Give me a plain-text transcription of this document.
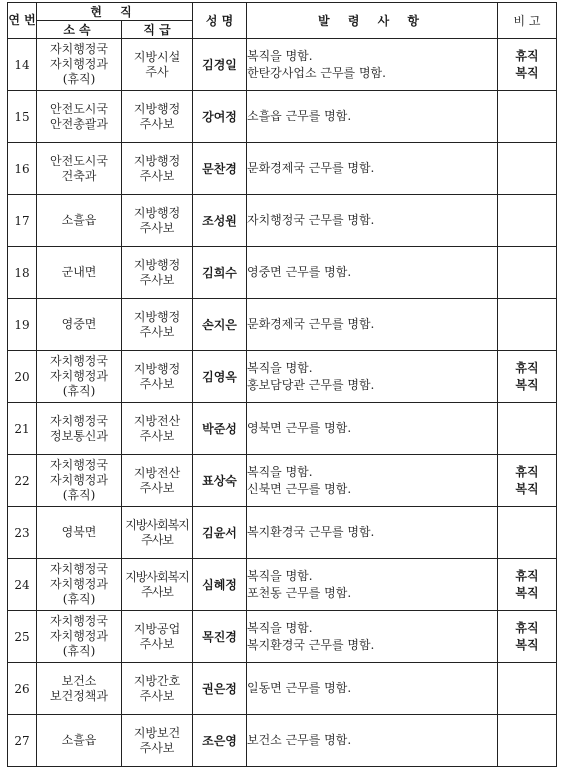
연 번	현 직		성 명	발 령 사 항	비 고
	소속	직 급			
14	자치행정국
자치행정과
(휴직)	지방시설
주사	김경일	복직을 명함.
한탄강사업소 근무를 명함.	휴직
복직

15	안전도시국
안전총괄과	지방행정
주사보	강여정	소흘읍 근무를 명함.	

16	안전도시국
건축과	지방행정
주사보	문찬경	문화경제국 근무를 명함.	

17	소흘읍	지방행정
주사보	조성원	자치행정국 근무를 명함.	

18	군내면	지방행정
주사보	김희수	영중면 근무를 명함.	

19	영중면	지방행정
주사보	손지은	문화경제국 근무를 명함.	

20	자치행정국
자치행정과
(휴직)	지방행정
주사보	김영옥	복직을 명함.
홍보담당관 근무를 명함.	휴직
복직

21	자치행정국
정보통신과	지방전산
주사보	박준성	영북면 근무를 명함.	

22	자치행정국
자치행정과
(휴직)	지방전산
주사보	표상숙	복직을 명함.
신북면 근무를 명함.	휴직
복직

23	영북면	지방사회복지
주사보	김윤서	복지환경국 근무를 명함.	

24	자치행정국
자치행정과
(휴직)	지방사회복지
주사보	심혜정	복직을 명함.
포천동 근무를 명함.	휴직
복직

25	자치행정국
자치행정과
(휴직)	지방공업
주사보	목진경	복직을 명함.
복지환경국 근무를 명함.	휴직
복직

26	보건소
보건정책과	지방간호
주사보	권은정	일동면 근무를 명함.	

27	소흘읍	지방보건
주사보	조은영	보건소 근무를 명함.	
